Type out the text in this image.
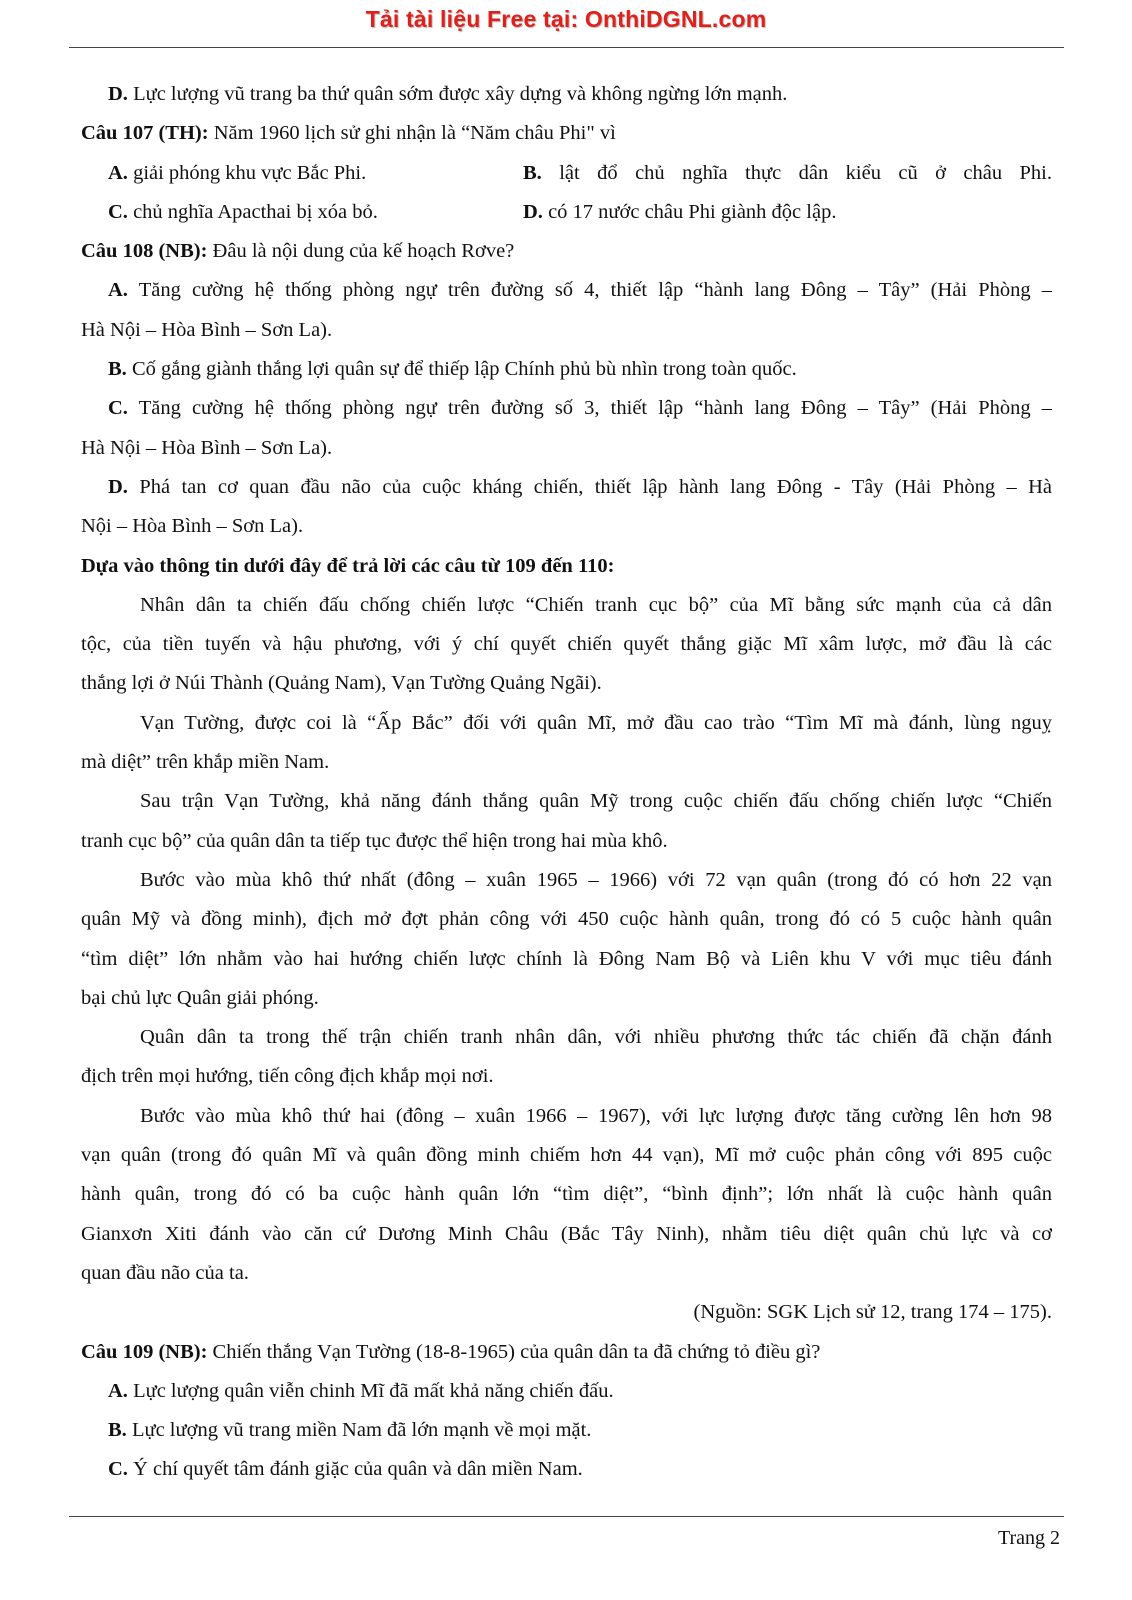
Tải tài liệu Free tại: OnthiDGNL.com
D. Lực lượng vũ trang ba thứ quân sớm được xây dựng và không ngừng lớn mạnh.
Câu 107 (TH): Năm 1960 lịch sử ghi nhận là “Năm châu Phi" vì
A. giải phóng khu vực Bắc Phi.	B. lật đổ chủ nghĩa thực dân kiểu cũ ở châu Phi.
C. chủ nghĩa Apacthai bị xóa bỏ.	D. có 17 nước châu Phi giành độc lập.
Câu 108 (NB): Đâu là nội dung của kế hoạch Rơve?
A. Tăng cường hệ thống phòng ngự trên đường số 4, thiết lập “hành lang Đông – Tây” (Hải Phòng –
Hà Nội – Hòa Bình – Sơn La).
B. Cố gắng giành thắng lợi quân sự để thiếp lập Chính phủ bù nhìn trong toàn quốc.
C. Tăng cường hệ thống phòng ngự trên đường số 3, thiết lập “hành lang Đông – Tây” (Hải Phòng –
Hà Nội – Hòa Bình – Sơn La).
D. Phá tan cơ quan đầu não của cuộc kháng chiến, thiết lập hành lang Đông - Tây (Hải Phòng – Hà
Nội – Hòa Bình – Sơn La).
Dựa vào thông tin dưới đây để trả lời các câu từ 109 đến 110:
Nhân dân ta chiến đấu chống chiến lược “Chiến tranh cục bộ” của Mĩ bằng sức mạnh của cả dân
tộc, của tiền tuyến và hậu phương, với ý chí quyết chiến quyết thắng giặc Mĩ xâm lược, mở đầu là các
thắng lợi ở Núi Thành (Quảng Nam), Vạn Tường Quảng Ngãi).
Vạn Tường, được coi là “Ấp Bắc” đối với quân Mĩ, mở đầu cao trào “Tìm Mĩ mà đánh, lùng nguỵ
mà diệt” trên khắp miền Nam.
Sau trận Vạn Tường, khả năng đánh thắng quân Mỹ trong cuộc chiến đấu chống chiến lược “Chiến
tranh cục bộ” của quân dân ta tiếp tục được thể hiện trong hai mùa khô.
Bước vào mùa khô thứ nhất (đông – xuân 1965 – 1966) với 72 vạn quân (trong đó có hơn 22 vạn
quân Mỹ và đồng minh), địch mở đợt phản công với 450 cuộc hành quân, trong đó có 5 cuộc hành quân
“tìm diệt” lớn nhằm vào hai hướng chiến lược chính là Đông Nam Bộ và Liên khu V với mục tiêu đánh
bại chủ lực Quân giải phóng.
Quân dân ta trong thế trận chiến tranh nhân dân, với nhiều phương thức tác chiến đã chặn đánh
địch trên mọi hướng, tiến công địch khắp mọi nơi.
Bước vào mùa khô thứ hai (đông – xuân 1966 – 1967), với lực lượng được tăng cường lên hơn 98
vạn quân (trong đó quân Mĩ và quân đồng minh chiếm hơn 44 vạn), Mĩ mở cuộc phản công với 895 cuộc
hành quân, trong đó có ba cuộc hành quân lớn “tìm diệt”, “bình định”; lớn nhất là cuộc hành quân
Gianxơn Xiti đánh vào căn cứ Dương Minh Châu (Bắc Tây Ninh), nhằm tiêu diệt quân chủ lực và cơ
quan đầu não của ta.
(Nguồn: SGK Lịch sử 12, trang 174 – 175).
Câu 109 (NB): Chiến thắng Vạn Tường (18-8-1965) của quân dân ta đã chứng tỏ điều gì?
A. Lực lượng quân viễn chinh Mĩ đã mất khả năng chiến đấu.
B. Lực lượng vũ trang miền Nam đã lớn mạnh về mọi mặt.
C. Ý chí quyết tâm đánh giặc của quân và dân miền Nam.
Trang 2
